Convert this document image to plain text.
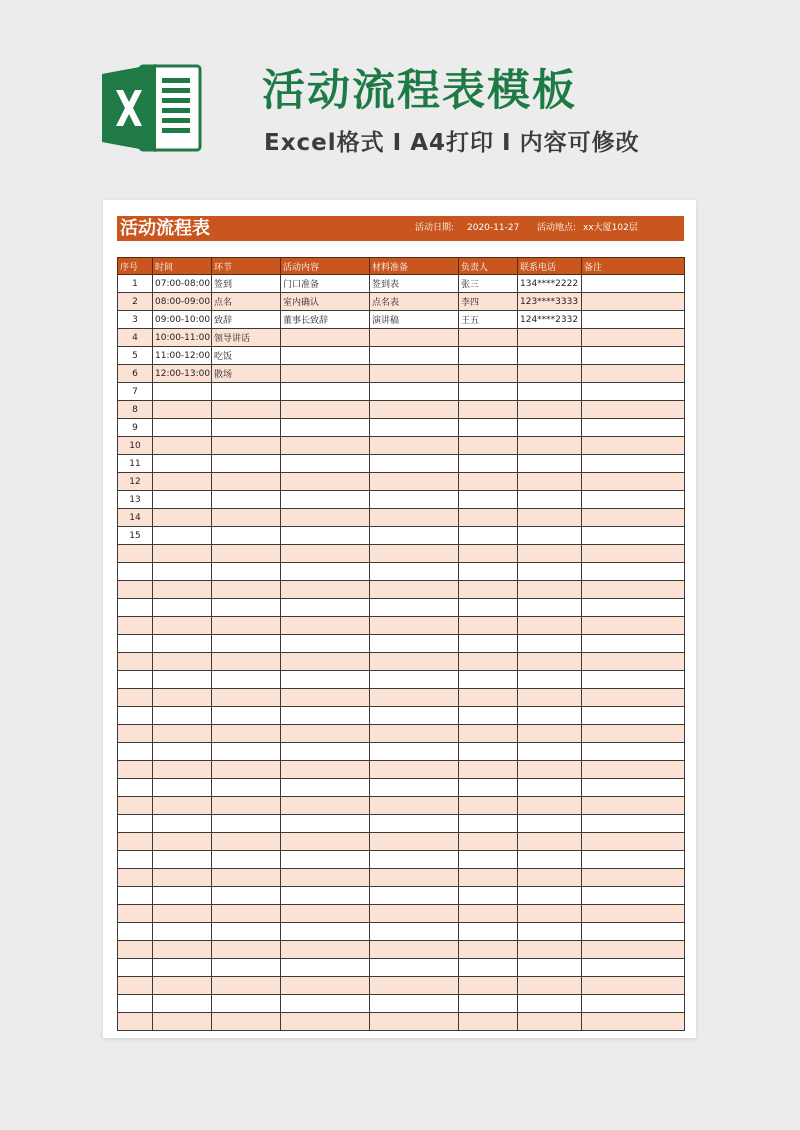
活动流程表模板
Excel格式 I A4打印 I 内容可修改
活动流程表	活动日期: 2020-11-27 活动地点: xx大厦102层
序号	时间	环节	活动内容	材料准备	负责人	联系电话	备注
1	07:00-08:00	签到	门口准备	签到表	张三	134****2222	
2	08:00-09:00	点名	室内确认	点名表	李四	123****3333	
3	09:00-10:00	致辞	董事长致辞	演讲稿	王五	124****2332	
4	10:00-11:00	领导讲话					
5	11:00-12:00	吃饭					
6	12:00-13:00	散场					
7							
8							
9							
10							
11							
12							
13							
14							
15							
